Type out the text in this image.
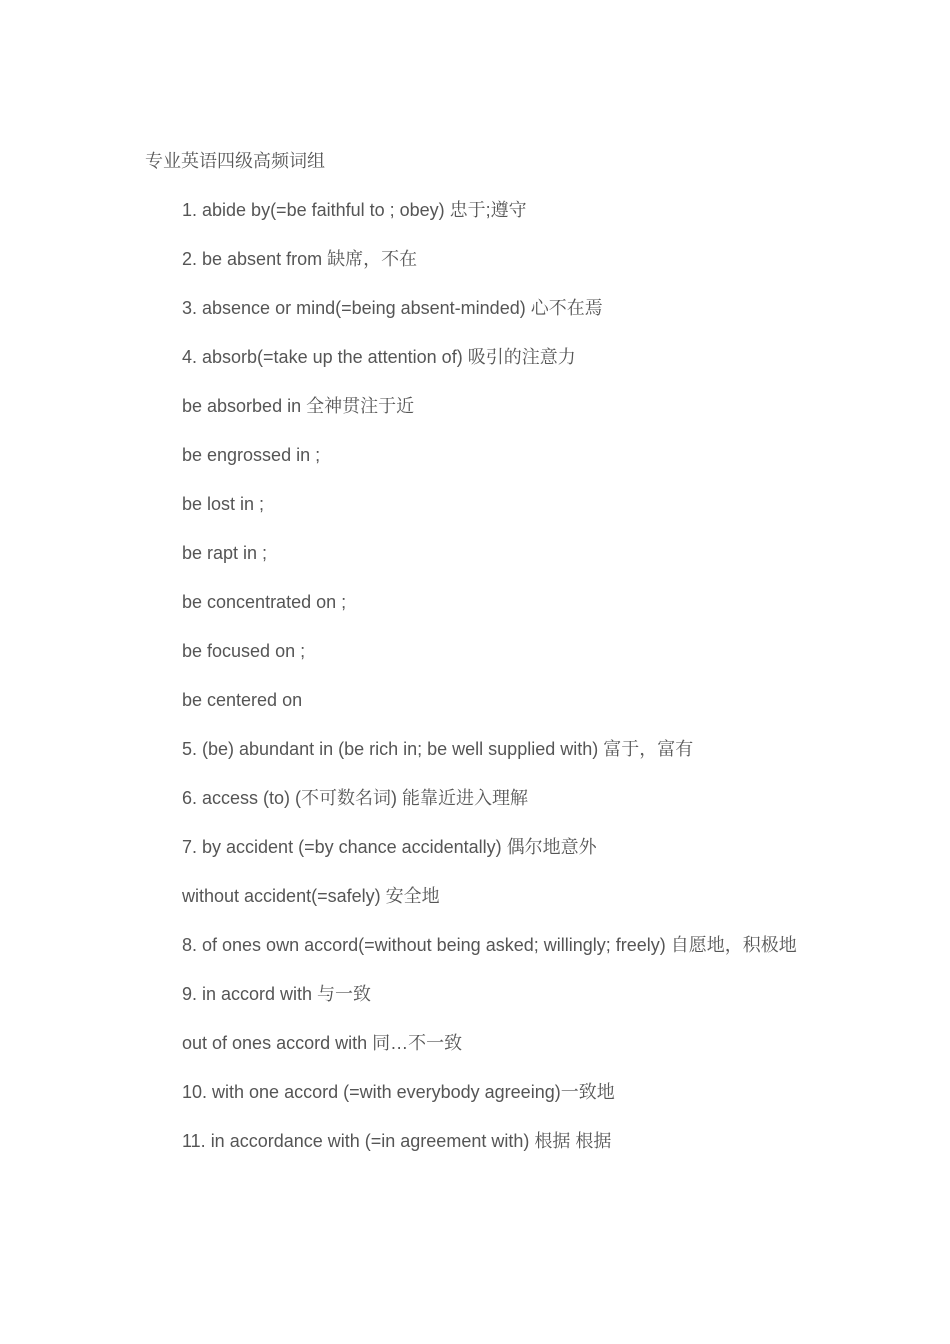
专业英语四级高频词组
1. abide by(=be faithful to ; obey) 忠于;遵守
2. be absent from 缺席，不在
3. absence or mind(=being absent-minded) 心不在焉
4. absorb(=take up the attention of) 吸引的注意力
be absorbed in 全神贯注于近
be engrossed in ;
be lost in ;
be rapt in ;
be concentrated on ;
be focused on ;
be centered on
5. (be) abundant in (be rich in; be well supplied with) 富于，富有
6. access (to) (不可数名词) 能靠近进入理解
7. by accident (=by chance accidentally) 偶尔地意外
without accident(=safely) 安全地
8. of ones own accord(=without being asked; willingly; freely) 自愿地，积极地
9. in accord with 与一致
out of ones accord with 同…不一致
10. with one accord (=with everybody agreeing)一致地
11. in accordance with (=in agreement with) 根据 根据
